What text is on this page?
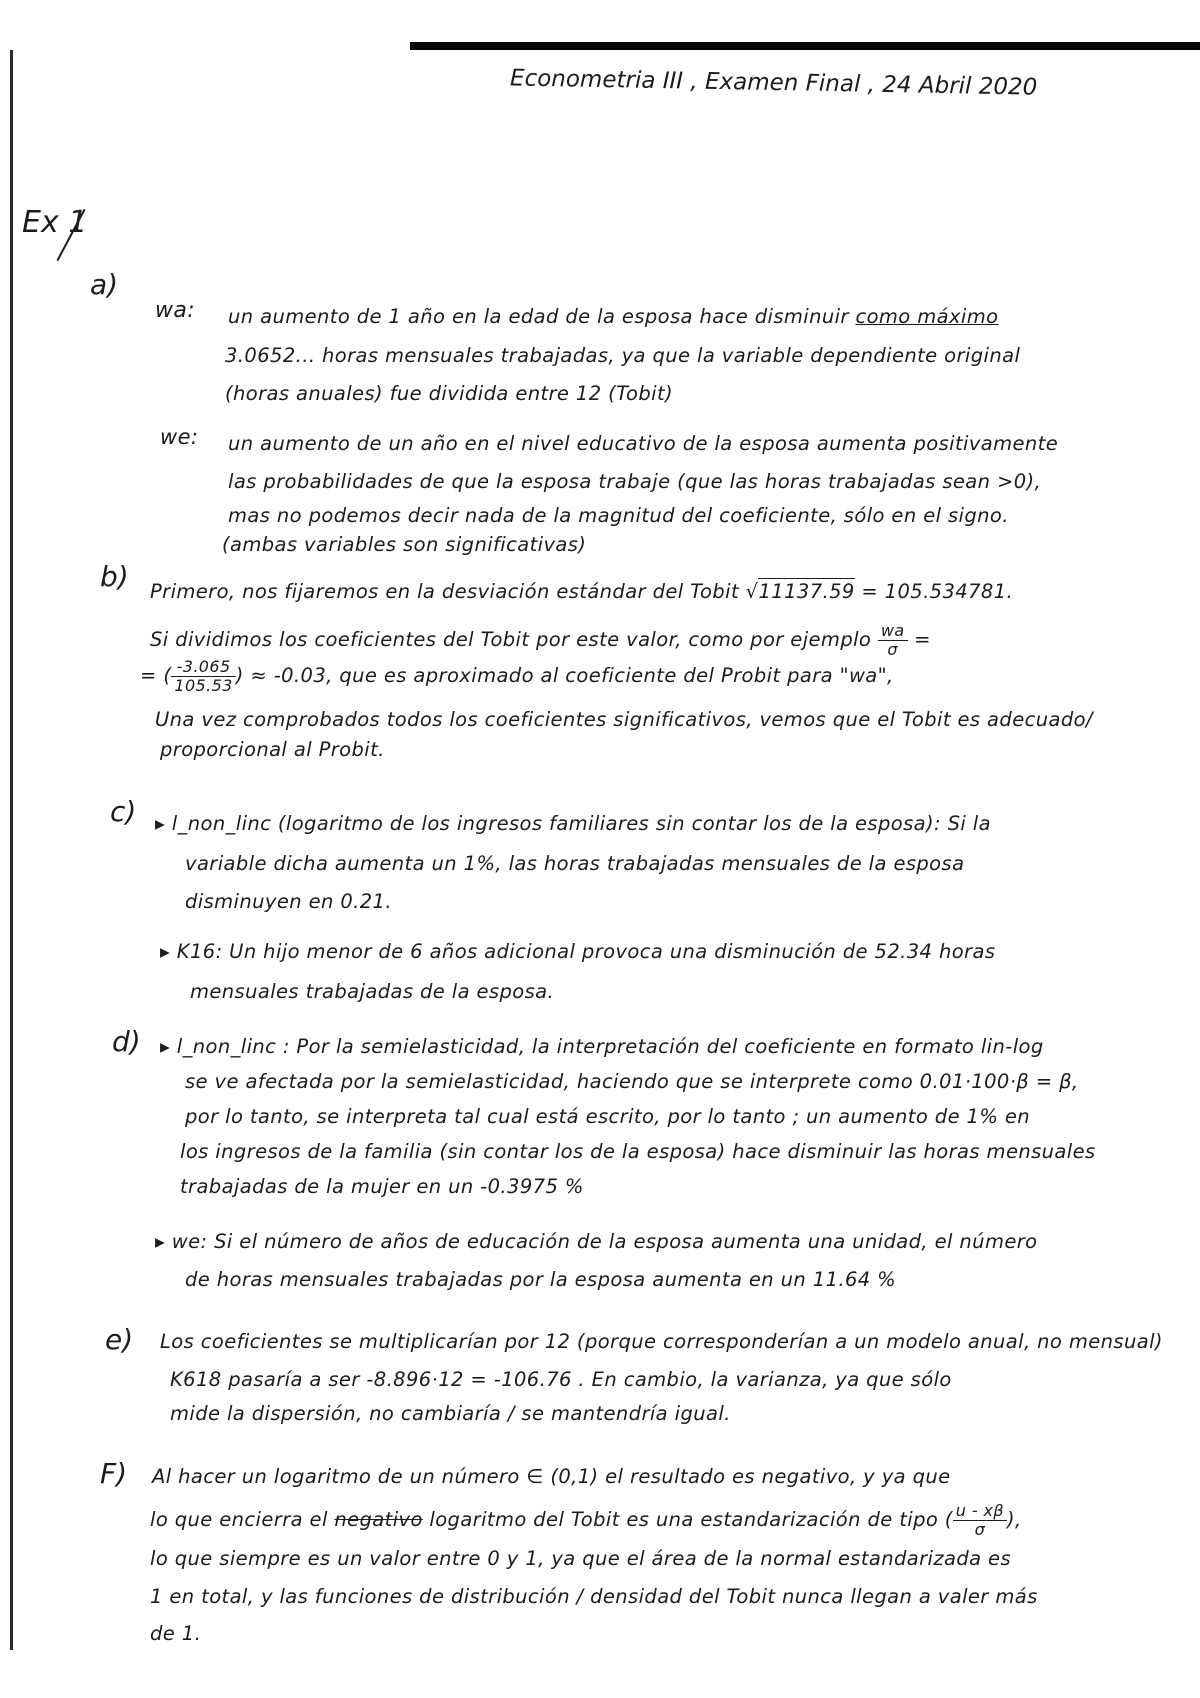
Econometria III , Examen Final , 24 Abril 2020
Ex 1
a)
wa: un aumento de 1 año en la edad de la esposa hace disminuir como máximo
3.0652... horas mensuales trabajadas, ya que la variable dependiente original
(horas anuales) fue dividida entre 12 (Tobit)
we: un aumento de un año en el nivel educativo de la esposa aumenta positivamente
las probabilidades de que la esposa trabaje (que las horas trabajadas sean >0),
mas no podemos decir nada de la magnitud del coeficiente, sólo en el signo.
(ambas variables son significativas)
b) Primero, nos fijaremos en la desviación estándar del Tobit √11137.59 = 105.534781.
Si dividimos los coeficientes del Tobit por este valor, como por ejemplo $\frac{wa}{\sigma}$ =
= ( $\frac{-3.065}{105.53}$ ) ≈ -0.03, que es aproximado al coeficiente del Probit para "wa",
Una vez comprobados todos los coeficientes significativos, vemos que el Tobit es adecuado/
proporcional al Probit.
c) ▸ l_non_linc (logaritmo de los ingresos familiares sin contar los de la esposa): Si la
variable dicha aumenta un 1%, las horas trabajadas mensuales de la esposa
disminuyen en 0.21.
▸ K16: Un hijo menor de 6 años adicional provoca una disminución de 52.34 horas
mensuales trabajadas de la esposa.
d) ▸ l_non_linc : Por la semielasticidad, la interpretación del coeficiente en formato lin-log
se ve afectada por la semielasticidad, haciendo que se interprete como 0.01·100·β = β,
por lo tanto, se interpreta tal cual está escrito, por lo tanto ; un aumento de 1% en
los ingresos de la familia (sin contar los de la esposa) hace disminuir las horas mensuales
trabajadas de la mujer en un -0.3975 %
▸ we: Si el número de años de educación de la esposa aumenta una unidad, el número
de horas mensuales trabajadas por la esposa aumenta en un 11.64 %
e) Los coeficientes se multiplicarían por 12 (porque corresponderían a un modelo anual, no mensual)
K618 pasaría a ser -8.896·12 = -106.76 . En cambio, la varianza, ya que sólo
mide la dispersión, no cambiaría / se mantendría igual.
F) Al hacer un logaritmo de un número ∈ (0,1) el resultado es negativo, y ya que
lo que encierra el negativo logaritmo del Tobit es una estandarización de tipo ( $\frac{u - x\beta}{\sigma}$ ),
lo que siempre es un valor entre 0 y 1, ya que el área de la normal estandarizada es
1 en total, y las funciones de distribución / densidad del Tobit nunca llegan a valer más
de 1.
